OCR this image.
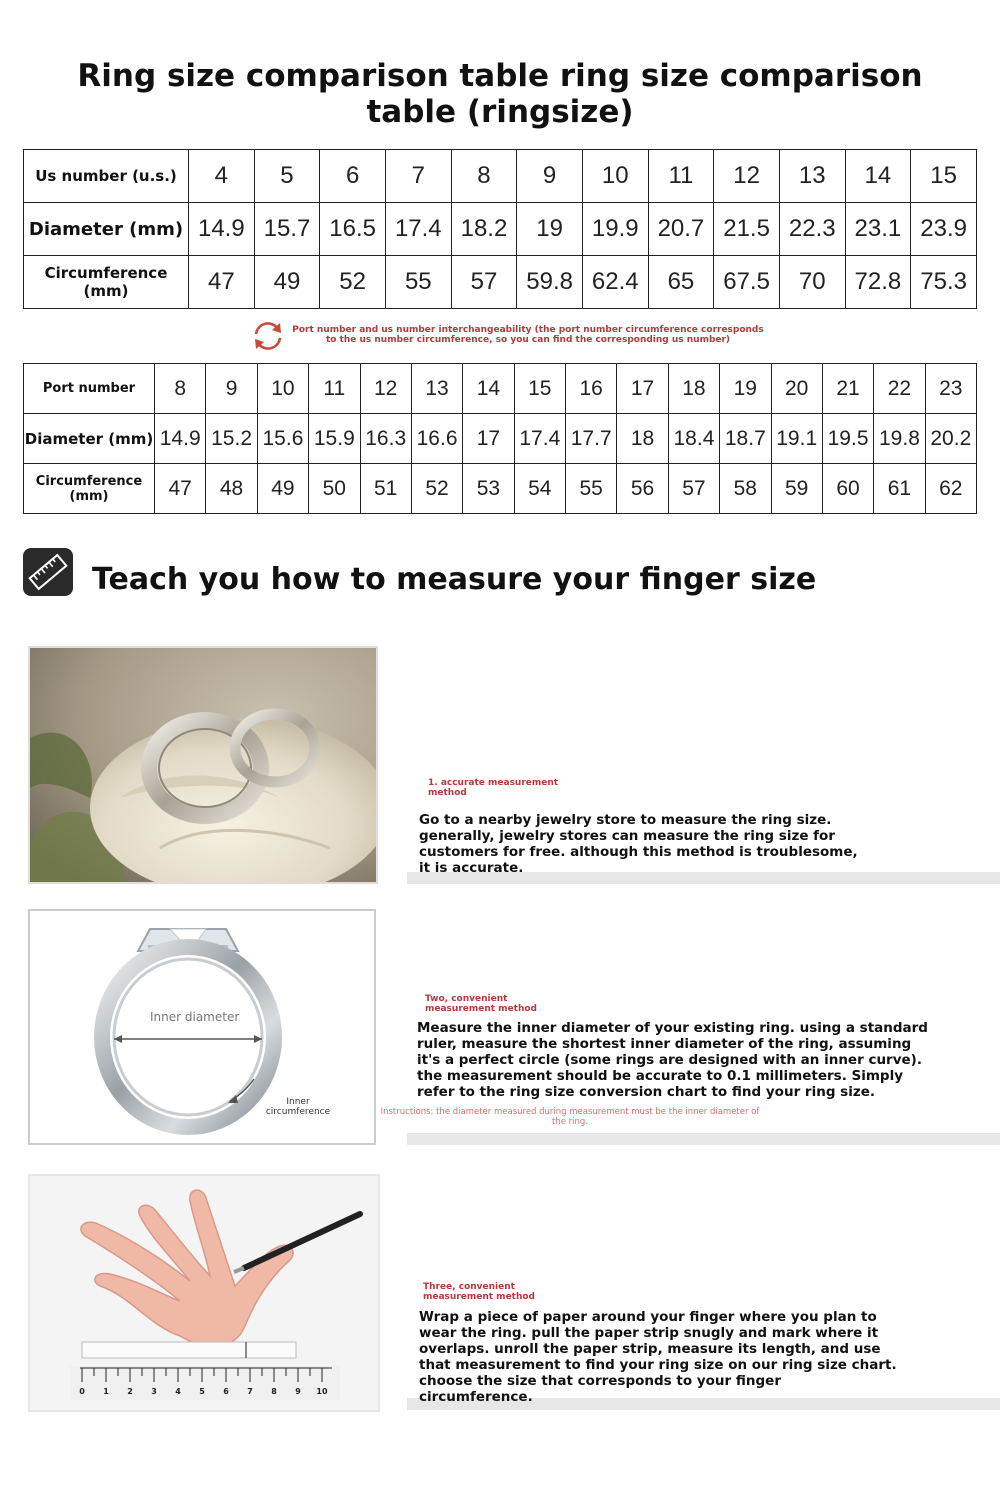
Ring size comparison table ring size comparison table (ringsize)
Us number (u.s.)	4	5	6	7	8	9	10	11	12	13	14	15
Diameter (mm)	14.9	15.7	16.5	17.4	18.2	19	19.9	20.7	21.5	22.3	23.1	23.9
Circumference (mm)	47	49	52	55	57	59.8	62.4	65	67.5	70	72.8	75.3
Port number and us number interchangeability (the port number circumference corresponds to the us number circumference, so you can find the corresponding us number)
Port number	8	9	10	11	12	13	14	15	16	17	18	19	20	21	22	23
Diameter (mm)	14.9	15.2	15.6	15.9	16.3	16.6	17	17.4	17.7	18	18.4	18.7	19.1	19.5	19.8	20.2
Circumference (mm)	47	48	49	50	51	52	53	54	55	56	57	58	59	60	61	62
Teach you how to measure your finger size
1. accurate measurement method
Go to a nearby jewelry store to measure the ring size. generally, jewelry stores can measure the ring size for customers for free. although this method is troublesome, it is accurate.
Inner diameter
Inner circumference
Two, convenient measurement method
Measure the inner diameter of your existing ring. using a standard ruler, measure the shortest inner diameter of the ring, assuming it's a perfect circle (some rings are designed with an inner curve). the measurement should be accurate to 0.1 millimeters. Simply refer to the ring size conversion chart to find your ring size.
Instructions: the diameter measured during measurement must be the inner diameter of the ring.
0 1 2 3 4 5 6 7 8 9 10
Three, convenient measurement method
Wrap a piece of paper around your finger where you plan to wear the ring. pull the paper strip snugly and mark where it overlaps. unroll the paper strip, measure its length, and use that measurement to find your ring size on our ring size chart. choose the size that corresponds to your finger circumference.
